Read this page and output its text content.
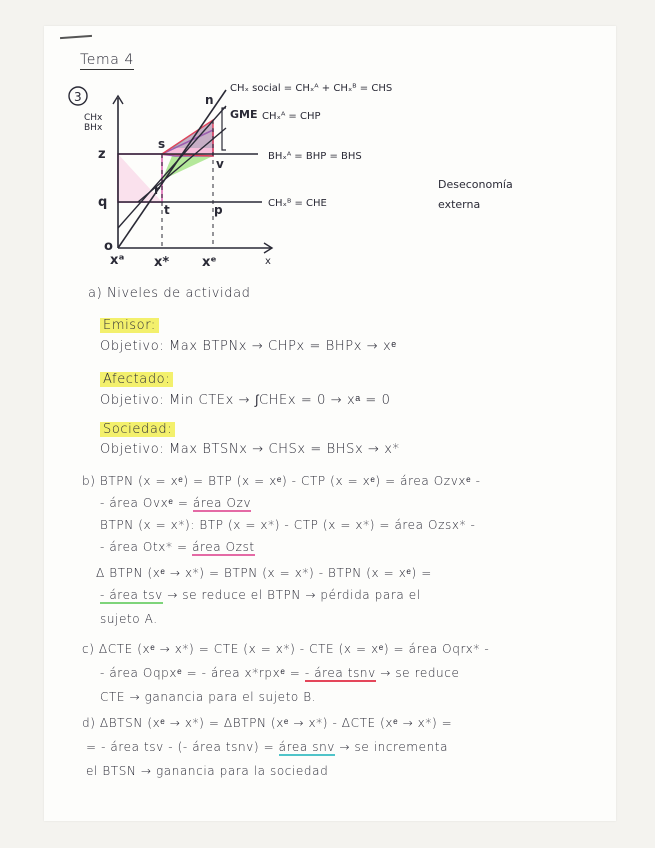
Tema 4
GME
3
CHx
BHx
x
z
q
o
n
s
v
r
t	p
xᵃ x*	xᵉ
CHₓ social = CHₓᴬ + CHₓᴮ = CHS
CHₓᴬ = CHP
BHₓᴬ = BHP = BHS
CHₓᴮ = CHE
Deseconomía
externa
a) Niveles de actividad
Emisor:
Objetivo: Max BTPNx → CHPx = BHPx → xᵉ
Afectado:
Objetivo: Min CTEx → ∫CHEx = 0 → xᵃ = 0
Sociedad:
Objetivo: Max BTSNx → CHSx = BHSx → x*
b) BTPN (x = xᵉ) = BTP (x = xᵉ) - CTP (x = xᵉ) = área Ozvxᵉ -
- área Ovxᵉ = área Ozv
BTPN (x = x*): BTP (x = x*) - CTP (x = x*) = área Ozsx* -
- área Otx* = área Ozst
Δ BTPN (xᵉ → x*) = BTPN (x = x*) - BTPN (x = xᵉ) =
- área tsv → se reduce el BTPN → pérdida para el
sujeto A.
c) ΔCTE (xᵉ → x*) = CTE (x = x*) - CTE (x = xᵉ) = área Oqrx* -
- área Oqpxᵉ = - área x*rpxᵉ = - área tsnv → se reduce
CTE → ganancia para el sujeto B.
d) ΔBTSN (xᵉ → x*) = ΔBTPN (xᵉ → x*) - ΔCTE (xᵉ → x*) =
= - área tsv - (- área tsnv) = área snv → se incrementa
el BTSN → ganancia para la sociedad
